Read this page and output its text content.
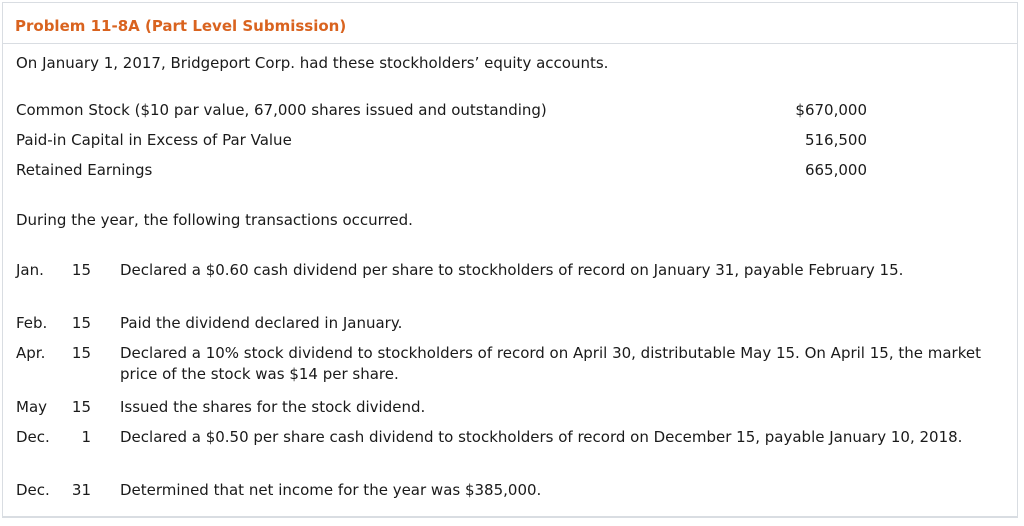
Problem 11-8A (Part Level Submission)
On January 1, 2017, Bridgeport Corp. had these stockholders’ equity accounts.
Common Stock ($10 par value, 67,000 shares issued and outstanding)	$670,000
Paid-in Capital in Excess of Par Value	516,500
Retained Earnings	665,000
During the year, the following transactions occurred.
Jan.	15 Declared a $0.60 cash dividend per share to stockholders of record on January 31, payable February 15.
Feb.	15 Paid the dividend declared in January.
Apr.	15 Declared a 10% stock dividend to stockholders of record on April 30, distributable May 15. On April 15, the market price of the stock was $14 per share.
May	15 Issued the shares for the stock dividend.
Dec.	1 Declared a $0.50 per share cash dividend to stockholders of record on December 15, payable January 10, 2018.
Dec.	31 Determined that net income for the year was $385,000.
